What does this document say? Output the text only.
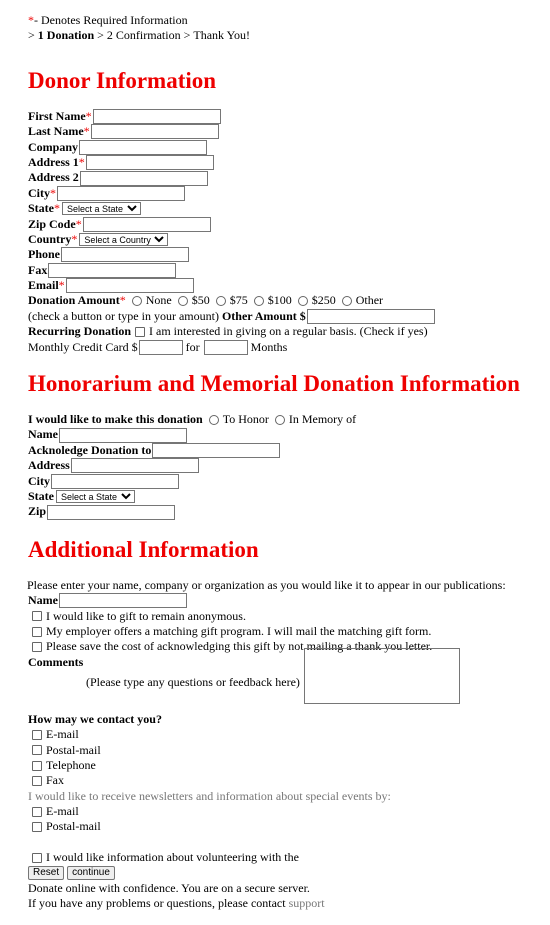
* - Denotes Required Information
>
1 Donation
>
2 Confirmation
>
Thank You!
Donor Information
First Name *
Last Name *
Company
Address 1 *
Address 2
City *
State *
Select a State
Zip Code *
Country *
Select a Country
Phone
Fax
Email *
Donation Amount * None $50 $75 $100 $250 Other
(check a button or type in your amount)
Other Amount $
Recurring Donation I am interested in giving on a regular basis. (Check if yes)
Monthly Credit Card $
	for

	Months
Honorarium and Memorial Donation Information
I would like to make this donation To Honor In Memory of
Name
Acknoledge Donation to
Address
City
State
Select a State
Zip
Additional Information
Please enter your name, company or organization as you would like it to appear in our publications:
Name
I would like to gift to remain anonymous.
My employer offers a matching gift program. I will mail the matching gift form.
Please save the cost of acknowledging this gift by not mailing a thank you letter.
Comments
(Please type any questions or feedback here)
How may we contact you?
E-mail
Postal-mail
Telephone
Fax
I would like to receive newsletters and information about special events by:
E-mail
Postal-mail
I would like information about volunteering with the
Reset	continue
Donate online with confidence. You are on a secure server.
If you have any problems or questions, please contact
support
